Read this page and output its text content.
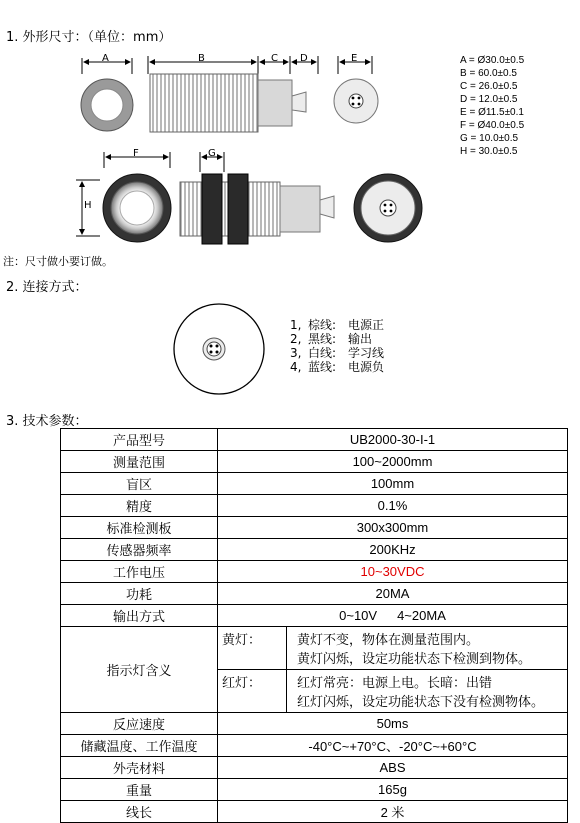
1. 外形尺寸：（单位：mm）
A	B	C D	E
F	G
H
A = Ø30.0±0.5
B = 60.0±0.5
C = 26.0±0.5
D = 12.0±0.5
E = Ø11.5±0.1
F = Ø40.0±0.5
G = 10.0±0.5
H = 30.0±0.5
注：尺寸做小要订做。
2. 连接方式：
1, 棕线: 电源正
2, 黑线: 输出
3, 白线: 学习线
4, 蓝线: 电源负
3. 技术参数：
产品型号	UB2000-30-I-1	
测量范围	100~2000mm	
盲区	100mm	
精度	0.1%	
标准检测板	300x300mm	
传感器频率	200KHz	
工作电压	10~30VDC	
功耗	20MA	
输出方式	0~10V 4~20MA	
指示灯含义	黄灯：	黄灯不变，物体在测量范围内。
黄灯闪烁，设定功能状态下检测到物体。

	红灯：	红灯常亮：电源上电。长暗：出错
红灯闪烁，设定功能状态下没有检测物体。

反应速度	50ms	
储藏温度、工作温度	-40°C~+70°C、-20°C~+60°C	
外壳材料	ABS	
重量	165g	
线长	2 米	
